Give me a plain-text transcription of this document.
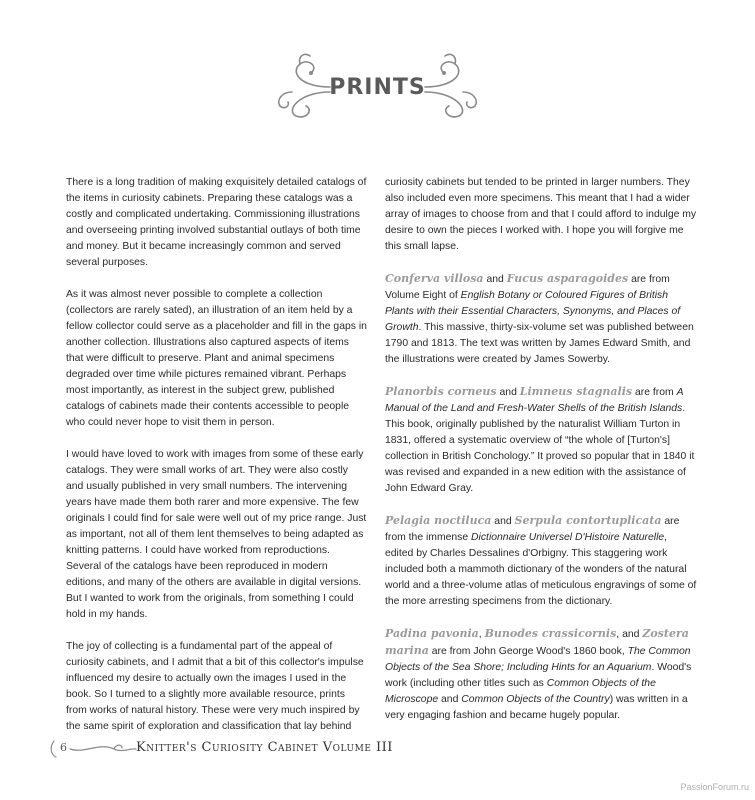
PRINTS

There is a long tradition of making exquisitely detailed catalogs of the items in curiosity cabinets. Preparing these catalogs was a costly and complicated undertaking. Commissioning illustrations and overseeing printing involved substantial outlays of both time and money. But it became increasingly common and served several purposes.

As it was almost never possible to complete a collection (collectors are rarely sated), an illustration of an item held by a fellow collector could serve as a placeholder and fill in the gaps in another collection. Illustrations also captured aspects of items that were difficult to preserve. Plant and animal specimens degraded over time while pictures remained vibrant. Perhaps most importantly, as interest in the subject grew, published catalogs of cabinets made their contents accessible to people who could never hope to visit them in person.

I would have loved to work with images from some of these early catalogs. They were small works of art. They were also costly and usually published in very small numbers. The intervening years have made them both rarer and more expensive. The few originals I could find for sale were well out of my price range. Just as important, not all of them lent themselves to being adapted as knitting patterns. I could have worked from reproductions. Several of the catalogs have been reproduced in modern editions, and many of the others are available in digital versions. But I wanted to work from the originals, from something I could hold in my hands.

The joy of collecting is a fundamental part of the appeal of curiosity cabinets, and I admit that a bit of this collector's impulse influenced my desire to actually own the images I used in the book. So I turned to a slightly more available resource, prints from works of natural history. These were very much inspired by the same spirit of exploration and classification that lay behind

curiosity cabinets but tended to be printed in larger numbers. They also included even more specimens. This meant that I had a wider array of images to choose from and that I could afford to indulge my desire to own the pieces I worked with. I hope you will forgive me this small lapse.

Conferva villosa and Fucus asparagoides are from Volume Eight of English Botany or Coloured Figures of British Plants with their Essential Characters, Synonyms, and Places of Growth. This massive, thirty-six-volume set was published between 1790 and 1813. The text was written by James Edward Smith, and the illustrations were created by James Sowerby.

Planorbis corneus and Limneus stagnalis are from A Manual of the Land and Fresh-Water Shells of the British Islands. This book, originally published by the naturalist William Turton in 1831, offered a systematic overview of “the whole of [Turton's] collection in British Conchology.” It proved so popular that in 1840 it was revised and expanded in a new edition with the assistance of John Edward Gray.

Pelagia noctiluca and Serpula contortuplicata are from the immense Dictionnaire Universel D'Histoire Naturelle, edited by Charles Dessalines d'Orbigny. This staggering work included both a mammoth dictionary of the wonders of the natural world and a three-volume atlas of meticulous engravings of some of the more arresting specimens from the dictionary.

Padina pavonia, Bunodes crassicornis, and Zostera marina are from John George Wood's 1860 book, The Common Objects of the Sea Shore; Including Hints for an Aquarium. Wood's work (including other titles such as Common Objects of the Microscope and Common Objects of the Country) was written in a very engaging fashion and became hugely popular.

6	Knitter's Curiosity Cabinet Volume III
PassionForum.ru
